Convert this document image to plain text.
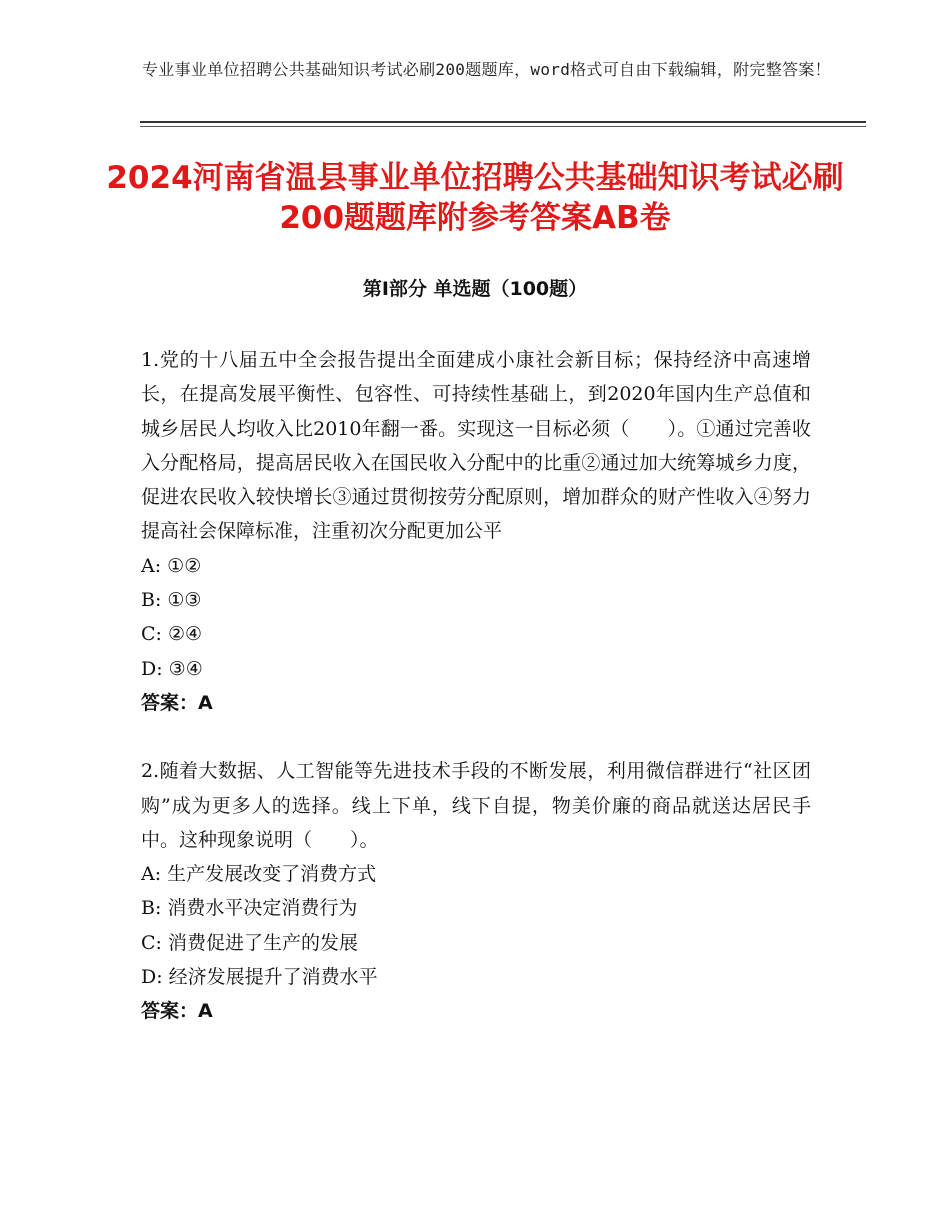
专业事业单位招聘公共基础知识考试必刷200题题库，word格式可自由下载编辑，附完整答案！
2024河南省温县事业单位招聘公共基础知识考试必刷200题题库附参考答案AB卷
第Ⅰ部分 单选题（100题）

1.党的十八届五中全会报告提出全面建成小康社会新目标；保持经济中高速增长，在提高发展平衡性、包容性、可持续性基础上，到2020年国内生产总值和城乡居民人均收入比2010年翻一番。实现这一目标必须（　　）。①通过完善收入分配格局，提高居民收入在国民收入分配中的比重②通过加大统筹城乡力度，促进农民收入较快增长③通过贯彻按劳分配原则，增加群众的财产性收入④努力提高社会保障标准，注重初次分配更加公平

A: ①②

B: ①③

C: ②④

D: ③④

答案：A

2.随着大数据、人工智能等先进技术手段的不断发展，利用微信群进行“社区团购”成为更多人的选择。线上下单，线下自提，物美价廉的商品就送达居民手中。这种现象说明（　　）。

A: 生产发展改变了消费方式

B: 消费水平决定消费行为

C: 消费促进了生产的发展

D: 经济发展提升了消费水平

答案：A
